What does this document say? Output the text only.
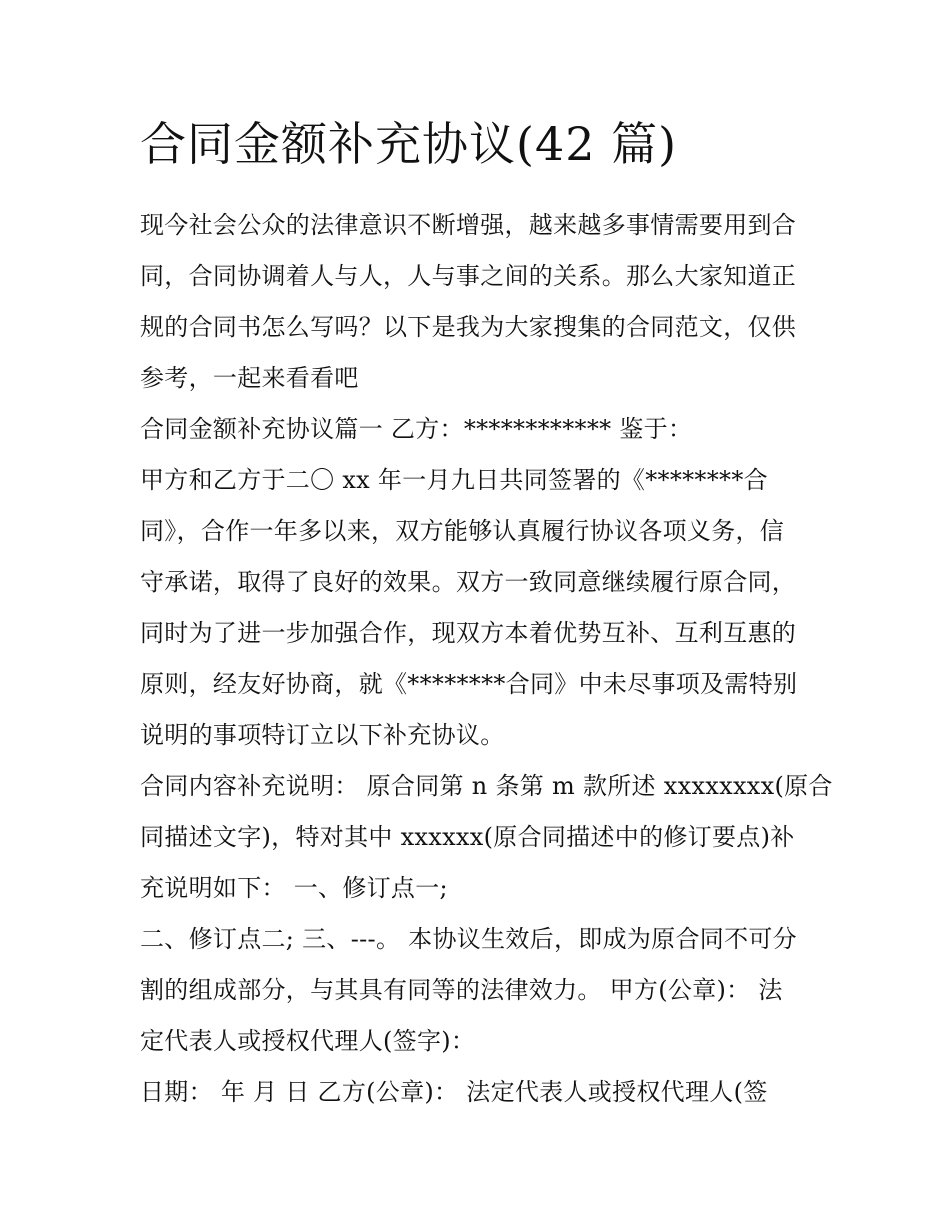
合同金额补充协议(42 篇)
现今社会公众的法律意识不断增强，越来越多事情需要用到合
同，合同协调着人与人，人与事之间的关系。那么大家知道正
规的合同书怎么写吗？以下是我为大家搜集的合同范文，仅供
参考，一起来看看吧
合同金额补充协议篇一 乙方：************ 鉴于：
甲方和乙方于二〇 xx 年一月九日共同签署的《********合
同》，合作一年多以来，双方能够认真履行协议各项义务，信
守承诺，取得了良好的效果。双方一致同意继续履行原合同，
同时为了进一步加强合作，现双方本着优势互补、互利互惠的
原则，经友好协商，就《********合同》中未尽事项及需特别
说明的事项特订立以下补充协议。
合同内容补充说明： 原合同第 n 条第 m 款所述 xxxxxxxx(原合
同描述文字)，特对其中 xxxxxx(原合同描述中的修订要点)补
充说明如下： 一、修订点一;
二、修订点二; 三、---。 本协议生效后，即成为原合同不可分
割的组成部分，与其具有同等的法律效力。 甲方(公章)： 法
定代表人或授权代理人(签字)：
日期： 年 月 日 乙方(公章)： 法定代表人或授权代理人(签
